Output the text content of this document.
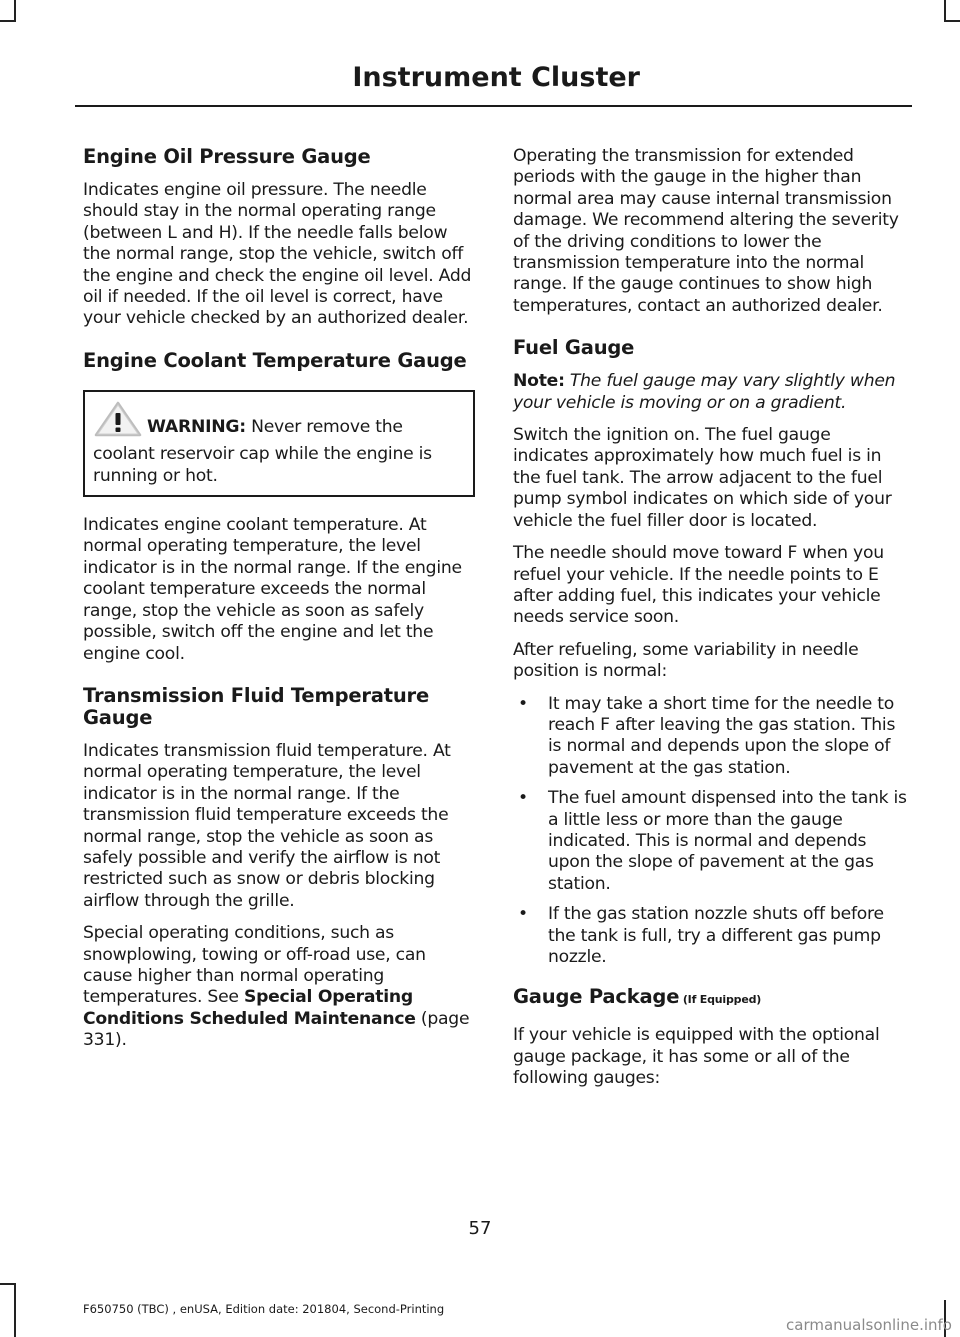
Instrument Cluster
Engine Oil Pressure Gauge

Indicates engine oil pressure. The needle should stay in the normal operating range (between L and H). If the needle falls below the normal range, stop the vehicle, switch off the engine and check the engine oil level. Add oil if needed. If the oil level is correct, have your vehicle checked by an authorized dealer.

Engine Coolant Temperature Gauge
WARNING: Never remove the coolant reservoir cap while the engine is running or hot.

Indicates engine coolant temperature. At normal operating temperature, the level indicator is in the normal range. If the engine coolant temperature exceeds the normal range, stop the vehicle as soon as safely possible, switch off the engine and let the engine cool.

Transmission Fluid Temperature Gauge

Indicates transmission fluid temperature. At normal operating temperature, the level indicator is in the normal range. If the transmission fluid temperature exceeds the normal range, stop the vehicle as soon as safely possible and verify the airflow is not restricted such as snow or debris blocking airflow through the grille.

Special operating conditions, such as snowplowing, towing or off-road use, can cause higher than normal operating temperatures. See Special Operating Conditions Scheduled Maintenance (page 331).

Operating the transmission for extended periods with the gauge in the higher than normal area may cause internal transmission damage. We recommend altering the severity of the driving conditions to lower the transmission temperature into the normal range. If the gauge continues to show high temperatures, contact an authorized dealer.

Fuel Gauge

Note: The fuel gauge may vary slightly when your vehicle is moving or on a gradient.

Switch the ignition on. The fuel gauge indicates approximately how much fuel is in the fuel tank. The arrow adjacent to the fuel pump symbol indicates on which side of your vehicle the fuel filler door is located.

The needle should move toward F when you refuel your vehicle. If the needle points to E after adding fuel, this indicates your vehicle needs service soon.

After refueling, some variability in needle position is normal:

• It may take a short time for the needle to reach F after leaving the gas station. This is normal and depends upon the slope of pavement at the gas station.
• The fuel amount dispensed into the tank is a little less or more than the gauge indicated. This is normal and depends upon the slope of pavement at the gas station.
• If the gas station nozzle shuts off before the tank is full, try a different gas pump nozzle.
Gauge Package (If Equipped)

If your vehicle is equipped with the optional gauge package, it has some or all of the following gauges:

57
F650750 (TBC) , enUSA, Edition date: 201804, Second-Printing
carmanualsonline.info
